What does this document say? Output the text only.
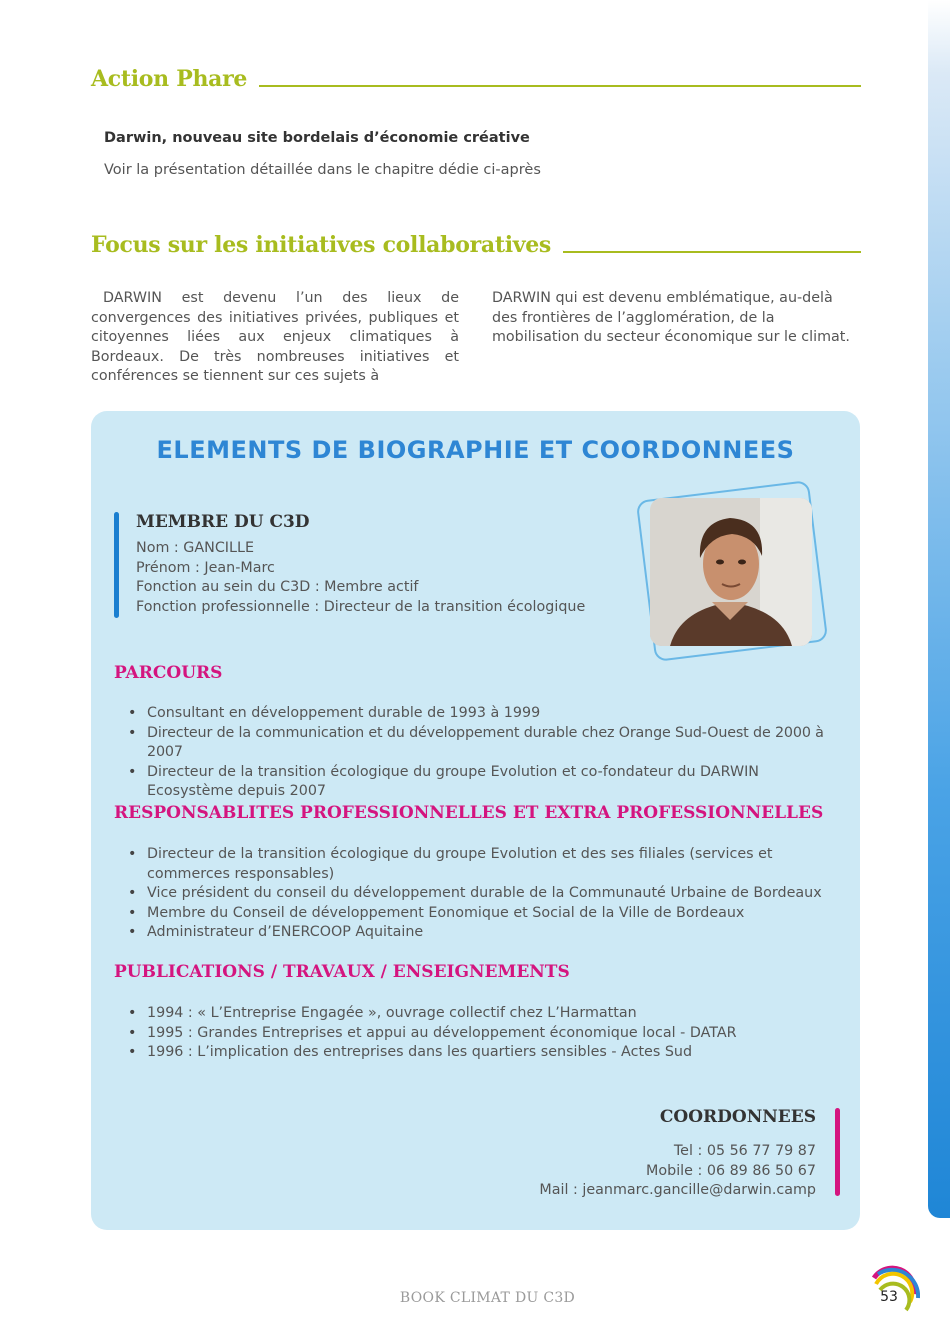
Action Phare
Darwin, nouveau site bordelais d’économie créative
Voir la présentation détaillée dans le chapitre dédie ci-après
Focus sur les initiatives collaboratives

DARWIN est devenu l’un des lieux de convergences des initiatives privées, publiques et citoyennes liées aux enjeux climatiques à Bordeaux. De très nombreuses initiatives et conférences se tiennent sur ces sujets à

DARWIN qui est devenu emblématique, au-delà des frontières de l’agglomération, de la mobilisation du secteur économique sur le climat.

ELEMENTS DE BIOGRAPHIE ET COORDONNEES
MEMBRE DU C3D
Nom : GANCILLE
Prénom : Jean-Marc
Fonction au sein du C3D : Membre actif
Fonction professionnelle : Directeur de la transition écologique
PARCOURS
• Consultant en développement durable de 1993 à 1999
• Directeur de la communication et du développement durable chez Orange Sud-Ouest de 2000 à 2007
• Directeur de la transition écologique du groupe Evolution et co-fondateur du DARWIN Ecosystème depuis 2007
RESPONSABLITES PROFESSIONNELLES ET EXTRA PROFESSIONNELLES
• Directeur de la transition écologique du groupe Evolution et des ses filiales (services et commerces responsables)
• Vice président du conseil du développement durable de la Communauté Urbaine de Bordeaux
• Membre du Conseil de développement Eonomique et Social de la Ville de Bordeaux
• Administrateur d’ENERCOOP Aquitaine
PUBLICATIONS / TRAVAUX / ENSEIGNEMENTS
• 1994 : « L’Entreprise Engagée », ouvrage collectif chez L’Harmattan
• 1995 : Grandes Entreprises et appui au développement économique local - DATAR
• 1996 : L’implication des entreprises dans les quartiers sensibles - Actes Sud
COORDONNEES
Tel : 05 56 77 79 87
Mobile : 06 89 86 50 67
Mail : jeanmarc.gancille@darwin.camp
BOOK CLIMAT DU C3D	53
